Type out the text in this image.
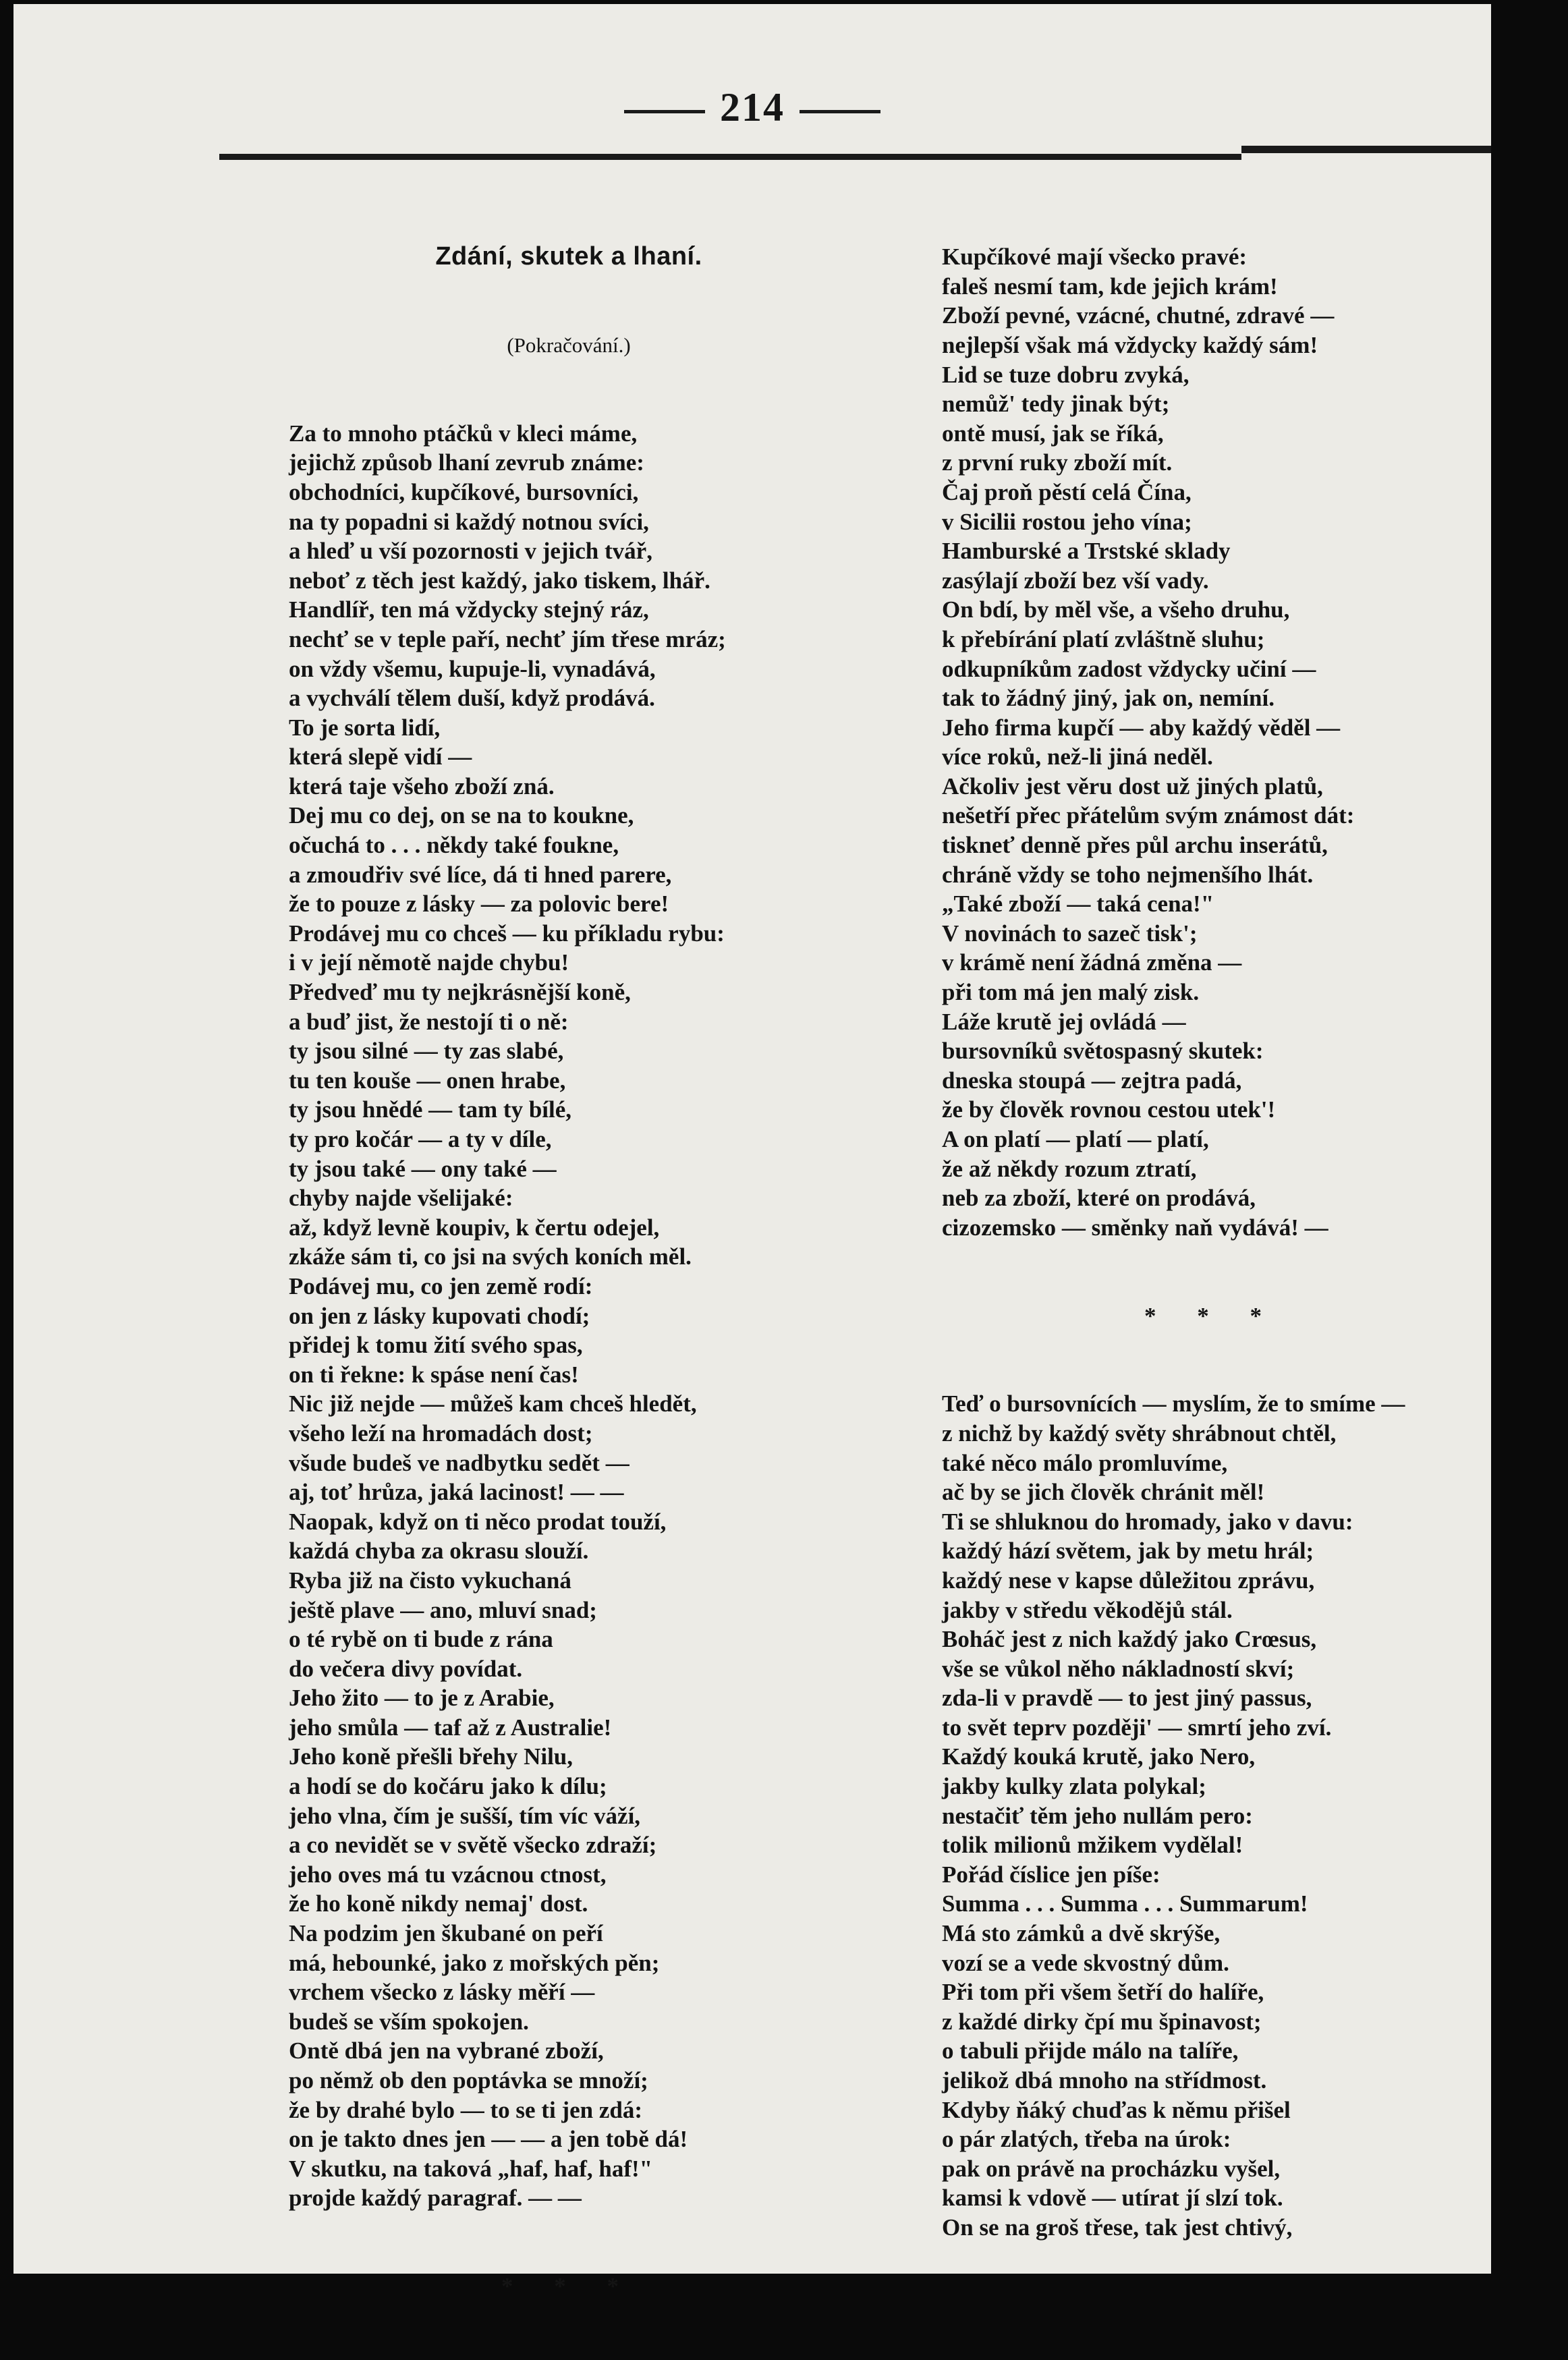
214

Zdání, skutek a lhaní.

(Pokračování.)

Za to mnoho ptáčků v kleci máme,
jejichž způsob lhaní zevrub známe:
obchodníci, kupčíkové, bursovníci,
na ty popadni si každý notnou svíci,
a hleď u vší pozornosti v jejich tvář,
neboť z těch jest každý, jako tiskem, lhář.
Handlíř, ten má vždycky stejný ráz,
nechť se v teple paří, nechť jím třese mráz;
on vždy všemu, kupuje-li, vynadává,
a vychválí tělem duší, když prodává.
To je sorta lidí,
která slepě vidí —
která taje všeho zboží zná.
Dej mu co dej, on se na to koukne,
očuchá to . . . někdy také foukne,
a zmoudřiv své líce, dá ti hned parere,
že to pouze z lásky — za polovic bere!
Prodávej mu co chceš — ku příkladu rybu:
i v její němotě najde chybu!
Předveď mu ty nejkrásnější koně,
a buď jist, že nestojí ti o ně:
ty jsou silné — ty zas slabé,
tu ten kouše — onen hrabe,
ty jsou hnědé — tam ty bílé,
ty pro kočár — a ty v díle,
ty jsou také — ony také —
chyby najde všelijaké:
až, když levně koupiv, k čertu odejel,
zkáže sám ti, co jsi na svých koních měl.
Podávej mu, co jen země rodí:
on jen z lásky kupovati chodí;
přidej k tomu žití svého spas,
on ti řekne: k spáse není čas!
Nic již nejde — můžeš kam chceš hledět,
všeho leží na hromadách dost;
všude budeš ve nadbytku sedět —
aj, toť hrůza, jaká lacinost! — —
Naopak, když on ti něco prodat touží,
každá chyba za okrasu slouží.
Ryba již na čisto vykuchaná
ještě plave — ano, mluví snad;
o té rybě on ti bude z rána
do večera divy povídat.
Jeho žito — to je z Arabie,
jeho smůla — taf až z Australie!
Jeho koně přešli břehy Nilu,
a hodí se do kočáru jako k dílu;
jeho vlna, čím je sušší, tím víc váží,
a co nevidět se v světě všecko zdraží;
jeho oves má tu vzácnou ctnost,
že ho koně nikdy nemaj' dost.
Na podzim jen škubané on peří
má, hebounké, jako z mořských pěn;
vrchem všecko z lásky měří —
budeš se vším spokojen.
Ontě dbá jen na vybrané zboží,
po němž ob den poptávka se množí;
že by drahé bylo — to se ti jen zdá:
on je takto dnes jen — — a jen tobě dá!
V skutku, na taková „haf, haf, haf!"
projde každý paragraf. — —

* * *

Kupčíkové mají všecko pravé:
faleš nesmí tam, kde jejich krám!
Zboží pevné, vzácné, chutné, zdravé —
nejlepší však má vždycky každý sám!
Lid se tuze dobru zvyká,
nemůž' tedy jinak být;
ontě musí, jak se říká,
z první ruky zboží mít.
Čaj proň pěstí celá Čína,
v Sicilii rostou jeho vína;
Hamburské a Trstské sklady
zasýlají zboží bez vší vady.
On bdí, by měl vše, a všeho druhu,
k přebírání platí zvláštně sluhu;
odkupníkům zadost vždycky učiní —
tak to žádný jiný, jak on, nemíní.
Jeho firma kupčí — aby každý věděl —
více roků, než-li jiná neděl.
Ačkoliv jest věru dost už jiných platů,
nešetří přec přátelům svým známost dát:
tiskneť denně přes půl archu inserátů,
chráně vždy se toho nejmenšího lhát.
„Také zboží — taká cena!"
V novinách to sazeč tisk';
v krámě není žádná změna —
při tom má jen malý zisk.
Láže krutě jej ovládá —
bursovníků světospasný skutek:
dneska stoupá — zejtra padá,
že by člověk rovnou cestou utek'!
A on platí — platí — platí,
že až někdy rozum ztratí,
neb za zboží, které on prodává,
cizozemsko — směnky naň vydává! —

* * *

Teď o bursovnících — myslím, že to smíme —
z nichž by každý světy shrábnout chtěl,
také něco málo promluvíme,
ač by se jich člověk chránit měl!
Ti se shluknou do hromady, jako v davu:
každý hází světem, jak by metu hrál;
každý nese v kapse důležitou zprávu,
jakby v středu věkodějů stál.
Boháč jest z nich každý jako Crœsus,
vše se vůkol něho nákladností skví;
zda-li v pravdě — to jest jiný passus,
to svět teprv později' — smrtí jeho zví.
Každý kouká krutě, jako Nero,
jakby kulky zlata polykal;
nestačiť těm jeho nullám pero:
tolik milionů mžikem vydělal!
Pořád číslice jen píše:
Summa . . . Summa . . . Summarum!
Má sto zámků a dvě skrýše,
vozí se a vede skvostný dům.
Při tom při všem šetří do halíře,
z každé dirky čpí mu špinavost;
o tabuli přijde málo na talíře,
jelikož dbá mnoho na střídmost.
Kdyby ňáký chuďas k němu přišel
o pár zlatých, třeba na úrok:
pak on právě na procházku vyšel,
kamsi k vdově — utírat jí slzí tok.
On se na groš třese, tak jest chtivý,
